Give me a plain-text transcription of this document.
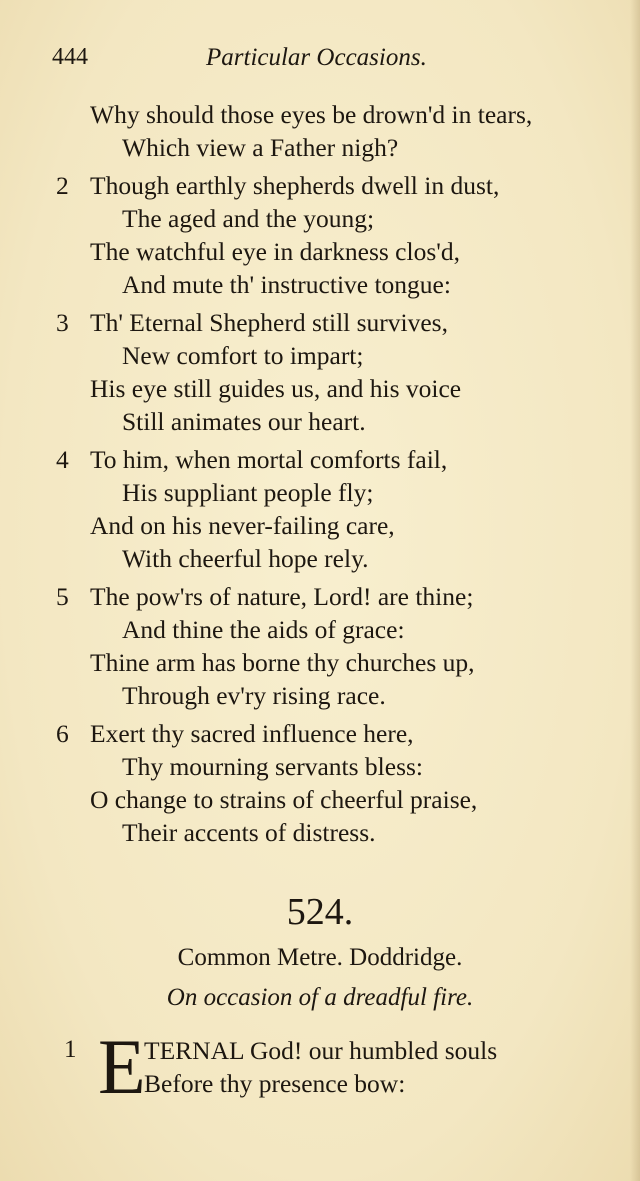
444	Particular Occasions.
Why should those eyes be drown'd in tears,
Which view a Father nigh?
2 Though earthly shepherds dwell in dust,
The aged and the young;
The watchful eye in darkness clos'd,
And mute th' instructive tongue:
3 Th' Eternal Shepherd still survives,
New comfort to impart;
His eye still guides us, and his voice
Still animates our heart.
4 To him, when mortal comforts fail,
His suppliant people fly;
And on his never-failing care,
With cheerful hope rely.
5 The pow'rs of nature, Lord! are thine;
And thine the aids of grace:
Thine arm has borne thy churches up,
Through ev'ry rising race.
6 Exert thy sacred influence here,
Thy mourning servants bless:
O change to strains of cheerful praise,
Their accents of distress.
524.
Common Metre. Doddridge.
On occasion of a dreadful fire.
1 E
TERNAL God! our humbled souls
Before thy presence bow:
